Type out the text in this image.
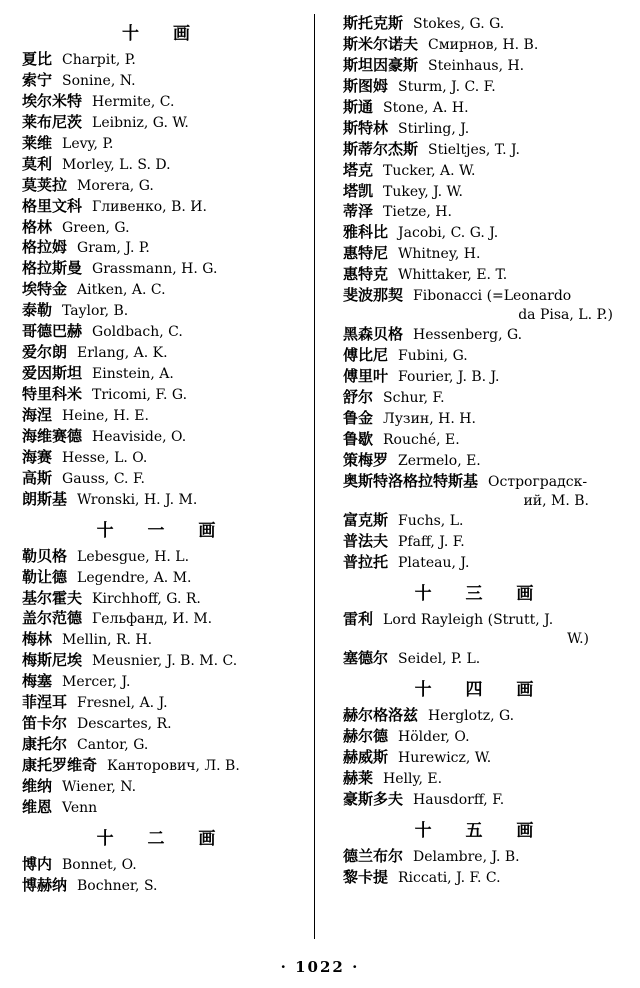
十 画
夏比 Charpit, P.
索宁 Sonine, N.
埃尔米特 Hermite, C.
莱布尼茨 Leibniz, G. W.
莱维 Levy, P.
莫利 Morley, L. S. D.
莫荚拉 Morera, G.
格里文科 Гливенко, В. И.
格林 Green, G.
格拉姆 Gram, J. P.
格拉斯曼 Grassmann, H. G.
埃特金 Aitken, A. C.
泰勒 Taylor, B.
哥德巴赫 Goldbach, C.
爱尔朗 Erlang, A. K.
爱因斯坦 Einstein, A.
特里科米 Tricomi, F. G.
海涅 Heine, H. E.
海维赛德 Heaviside, O.
海赛 Hesse, L. O.
高斯 Gauss, C. F.
朗斯基 Wronski, H. J. M.
十 一 画
勒贝格 Lebesgue, H. L.
勒让德 Legendre, A. M.
基尔霍夫 Kirchhoff, G. R.
盖尔范德 Гельфанд, И. М.
梅林 Mellin, R. H.
梅斯尼埃 Meusnier, J. B. M. C.
梅塞 Mercer, J.
菲涅耳 Fresnel, A. J.
笛卡尔 Descartes, R.
康托尔 Cantor, G.
康托罗维奇 Канторович, Л. В.
维纳 Wiener, N.
维恩 Venn
十 二 画
博内 Bonnet, O.
博赫纳 Bochner, S.
斯托克斯 Stokes, G. G.
斯米尔诺夫 Смирнов, Н. В.
斯坦因豪斯 Steinhaus, H.
斯图姆 Sturm, J. C. F.
斯通 Stone, A. H.
斯特林 Stirling, J.
斯蒂尔杰斯 Stieltjes, T. J.
塔克 Tucker, A. W.
塔凯 Tukey, J. W.
蒂泽 Tietze, H.
雅科比 Jacobi, C. G. J.
惠特尼 Whitney, H.
惠特克 Whittaker, E. T.
斐波那契 Fibonacci (=Leonardo
da Pisa, L. P.)
黑森贝格 Hessenberg, G.
傅比尼 Fubini, G.
傅里叶 Fourier, J. B. J.
舒尔 Schur, F.
鲁金 Лузин, Н. Н.
鲁歇 Rouché, E.
策梅罗 Zermelo, E.
奥斯特洛格拉特斯基 Остроградск-
ий, М. В.
富克斯 Fuchs, L.
普法夫 Pfaff, J. F.
普拉托 Plateau, J.
十 三 画
雷利 Lord Rayleigh (Strutt, J.
W.)
塞德尔 Seidel, P. L.
十 四 画
赫尔格洛兹 Herglotz, G.
赫尔德 Hölder, O.
赫威斯 Hurewicz, W.
赫莱 Helly, E.
豪斯多夫 Hausdorff, F.
十 五 画
德兰布尔 Delambre, J. B.
黎卡提 Riccati, J. F. C.
· 1022 ·
